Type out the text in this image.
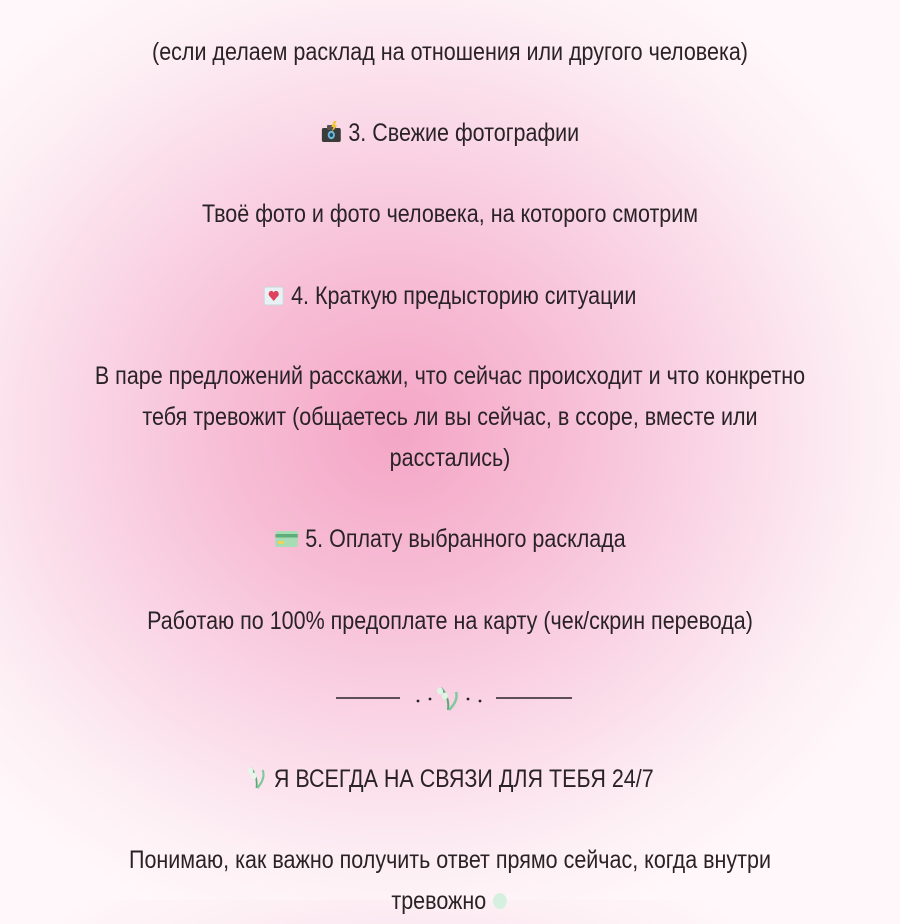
(если делаем расклад на отношения или другого человека)
3. Свежие фотографии
Твоё фото и фото человека, на которого смотрим
4. Краткую предысторию ситуации
В паре предложений расскажи, что сейчас происходит и что конкретно
тебя тревожит (общаетесь ли вы сейчас, в ссоре, вместе или
расстались)
5. Оплату выбранного расклада
Работаю по 100% предоплате на карту (чек/скрин перевода)
Я ВСЕГДА НА СВЯЗИ ДЛЯ ТЕБЯ 24/7
Понимаю, как важно получить ответ прямо сейчас, когда внутри
тревожно
